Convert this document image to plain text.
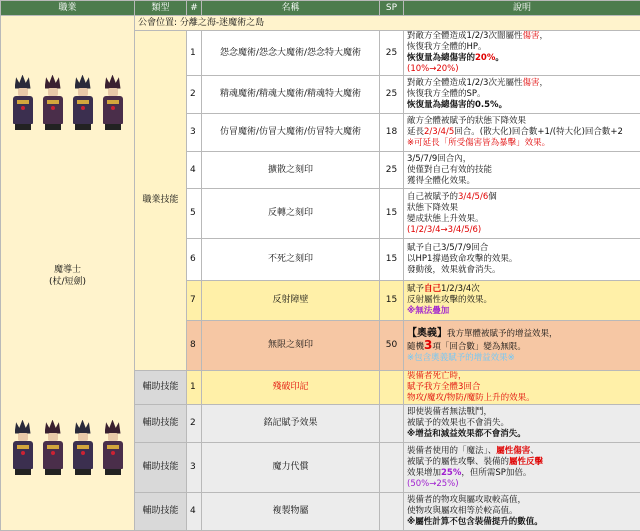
職業	類型	#	名稱	SP	說明

魔導士
(杖/短劍)	公會位置: 分離之海-迷魔術之島				
	職業技能	1	怨念魔術/怨念大魔術/怨念特大魔術	25	對敵方全體造成1/2/3次闇屬性傷害，
恢復我方全體的HP。
恢復量為總傷害的20%。
(10%→20%)

		2	精魂魔術/精魂大魔術/精魂特大魔術	25	對敵方全體造成1/2/3次光屬性傷害，
恢復我方全體的SP。
恢復量為總傷害的0.5%。

		3	仿冒魔術/仿冒大魔術/仿冒特大魔術	18	敵方全體被賦予的狀態下降效果
延長2/3/4/5回合。(散大化)回合數+1/(特大化)回合數+2
※可延長「所受傷害皆為暴擊」效果。

		4	擴散之刻印	25	3/5/7/9回合內，
使僅對自己有效的技能
獲得全體化效果。

		5	反轉之刻印	15	自己被賦予的3/4/5/6個
狀態下降效果
變成狀態上升效果。
(1/2/3/4→3/4/5/6)

		6	不死之刻印	15	賦予自己3/5/7/9回合
以HP1撐過致命攻擊的效果。
發動後，效果就會消失。

		7	反射障壁	15	賦予自己1/2/3/4次
反射屬性攻擊的效果。
※無法疊加

		8	無限之刻印	50	【奧義】我方單體被賦予的增益效果，
隨機3項「回合數」變為無限。
※包含奧義賦予的增益效果※

	輔助技能	1	殘破印記		裝備者死亡時，
賦予我方全體3回合
物攻/魔攻/物防/魔防上升的效果。

	輔助技能	2	銘記賦予效果		即使裝備者無法戰鬥，
被賦予的效果也不會消失。
※增益和減益效果都不會消失。

	輔助技能	3	魔力代償		裝備者使用的「魔法」、屬性傷害、
被賦予的屬性攻擊、裝備的屬性反擊
效果增加25%，但所需SP加倍。
(50%→25%)

	輔助技能	4	複製物屬		裝備者的物攻與屬攻取較高值，
使物攻與屬攻相等於較高值。
※屬性計算不包含裝備提升的數值。
